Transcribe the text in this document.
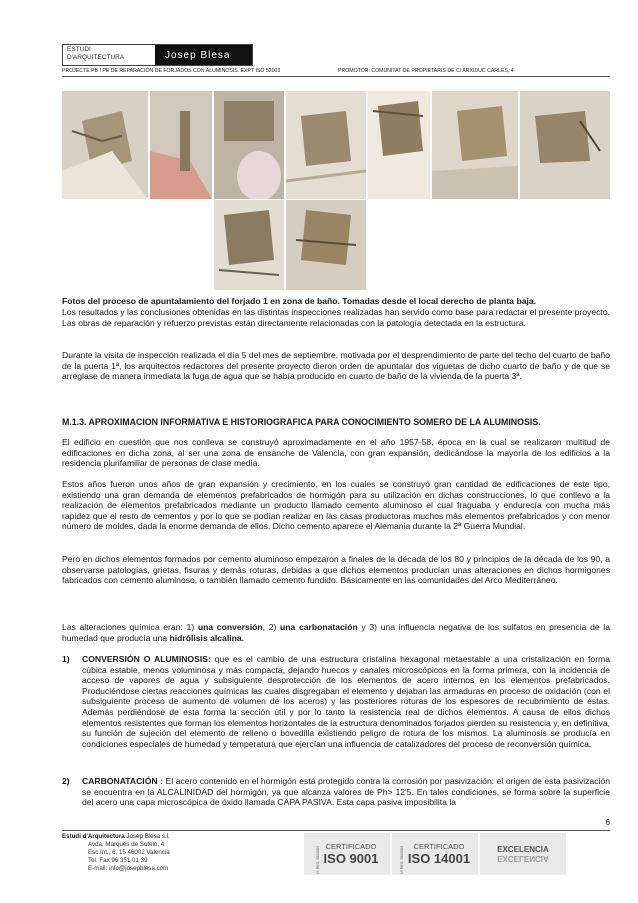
ESTUDI
D'ARQUITECTURA	Josep Blesa
PROJECTE PB I PE DE REPARACIÓN DE FORJADOS CON ALUMINOSIS. EXPT ISO 52003	PROMOTOR: COMUNITAT DE PROPIETARIS DE C/ ARXIDUC CARLES, 4
Fotos del proceso de apuntalamiento del forjado 1 en zona de baño. Tomadas desde el local derecho de planta baja.
Los resultados y las conclusiones obtenidas en las distintas inspecciones realizadas han servido como base para redactar el presente proyecto. Las obras de reparación y refuerzo previstas están directamente relacionadas con la patología detectada en la estructura.
Durante la visita de inspección realizada el día 5 del mes de septiembre, motivada por el desprendimiento de parte del techo del cuarto de baño de la puerta 1ª, los arquitectos redactores del presente proyecto dieron orden de apuntalar dos viguetas de dicho cuarto de baño y de que se arreglase de manera inmediata la fuga de agua que se había producido en cuarto de baño de la vivienda de la puerta 3ª.
M.1.3. APROXIMACION INFORMATIVA E HISTORIOGRAFICA PARA CONOCIMIENTO SOMERO DE LA ALUMINOSIS.
El edificio en cuestión que nos conlleva se construyó aproximadamente en el año 1957-58, época en la cual se realizaron multitud de edificaciones en dicha zona, al ser una zona de ensanche de Valencia, con gran expansión, dedicándose la mayoría de los edificios a la residencia plurifamiliar de personas de clase media.
Estos años fueron unos años de gran expansión y crecimiento, en los cuales se construyó gran cantidad de edificaciones de este tipo, existiendo una gran demanda de elementos prefabricados de hormigón para su utilización en dichas construcciones, lo que conllevo a la realización de elementos prefabricados mediante un producto llamado cemento aluminoso el cual fraguaba y endurecía con mucha más rapidez que el resto de cementos y por lo que se podían realizar en las casas productoras muchos más elementos prefabricados y con menor número de moldes, dada la enorme demanda de ellos. Dicho cemento aparece el Alemania durante la 2ª Guerra Mundial.
Pero en dichos elementos formados por cemento aluminoso empezaron a finales de la década de los 80 y principios de la década de los 90, a observarse patologías, grietas, fisuras y demás roturas, debidas a que dichos elementos producían unas alteraciones en dichos hormigones fabricados con cemento aluminoso, o también llamado cemento fundido. Básicamente en las comunidades del Arco Mediterráneo.
Las alteraciones química eran: 1) una conversión, 2) una carbonatación y 3) una influencia negativa de los sulfatos en presencia de la humedad que producía una hidrólisis alcalina.
1) CONVERSIÓN O ALUMINOSIS: que es el cambio de una estructura cristalina hexagonal metaestable a una cristalización en forma cúbica estable, menos voluminosa y más compacta, dejando huecos y canales microscópicos en la forma primera, con la incidencia de acceso de vapores de agua y subsiguiente desprotección de los elementos de acero internos en los elementos prefabricados. Produciéndose ciertas reacciones químicas las cuales disgregaban el elemento y dejaban las armaduras en proceso de oxidación (con el subsiguiente proceso de aumento de volumen de los aceros) y las posteriores roturas de los espesores de recubrimiento de éstas. Además perdiéndose de esta forma la sección útil y por lo tanto la resistencia real de dichos elementos. A causa de ellos dichos elementos resistentes que forman los elementos horizontales de la estructura denominados forjados pierden su resistencia y, en definitiva, su función de sujeción del elemento de relleno o bovedilla existiendo peligro de rotura de los mismos. La aluminosis se producía en condiciones especiales de humedad y temperatura que ejercían una influencia de catalizadores del proceso de reconversión química.
2) CARBONATACIÓN : El acero contenido en el hormigón está protegido contra la corrosión por pasivización: el origen de esta pasivización se encuentra en la ALCALINIDAD del hormigón, ya que alcanza valores de Ph> 12'5. En tales condiciones, se forma sobre la superficie del acero una capa microscópica de óxido llamada CAPA PASIVA. Esta capa pasiva imposibilita la
6
Estudi d'Arquitectura Josep Blesa s.l.
Avda. Marqués de Sotelo, 4
Esc.Int., 6, 15 46002 Valencia
Tel. Fax 96 351 01 39
E-mail: info@josepblesa.com	Nº REG. 4563583 CERTIFICADO
ISO 9001	Nº REG. 4563583	CERTIFICADO
ISO 14001
EXCELENCIA
EXCELENCIA
